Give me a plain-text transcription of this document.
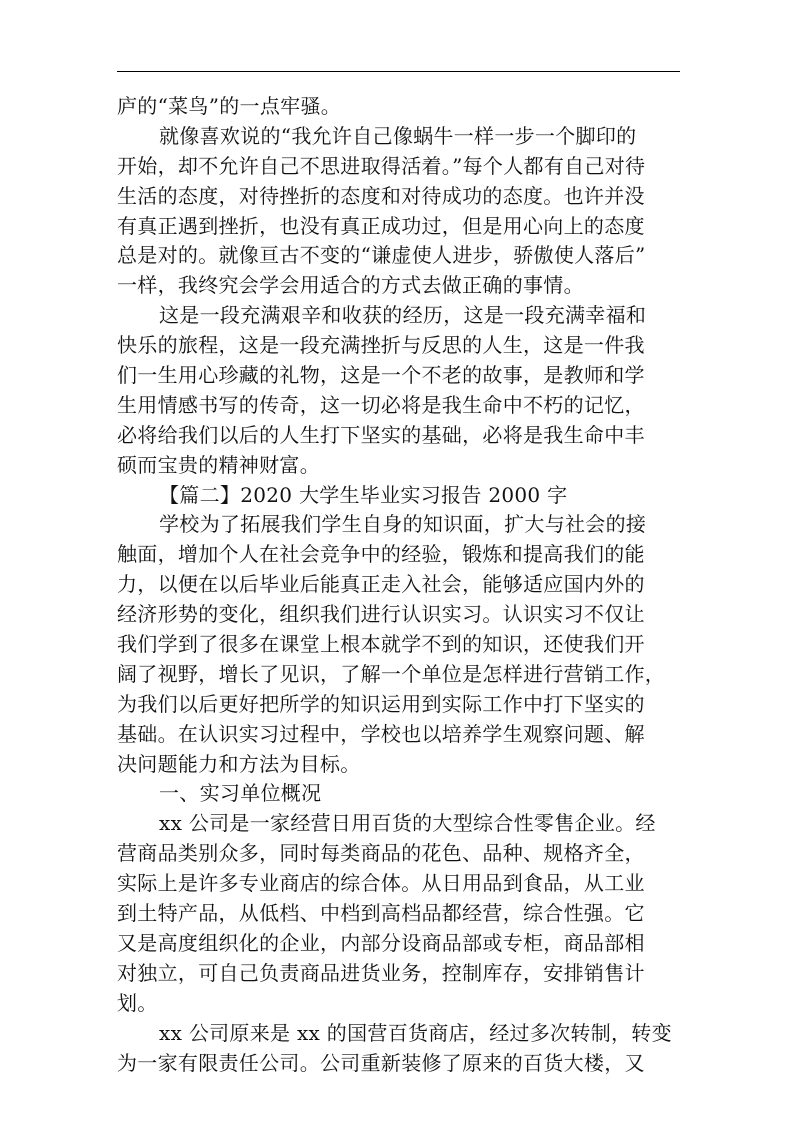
庐的“菜鸟”的一点牢骚。
就像喜欢说的“我允许自己像蜗牛一样一步一个脚印的
开始，却不允许自己不思进取得活着。”每个人都有自己对待
生活的态度，对待挫折的态度和对待成功的态度。也许并没
有真正遇到挫折，也没有真正成功过，但是用心向上的态度
总是对的。就像亘古不变的“谦虚使人进步，骄傲使人落后”
一样，我终究会学会用适合的方式去做正确的事情。
这是一段充满艰辛和收获的经历，这是一段充满幸福和
快乐的旅程，这是一段充满挫折与反思的人生，这是一件我
们一生用心珍藏的礼物，这是一个不老的故事，是教师和学
生用情感书写的传奇，这一切必将是我生命中不朽的记忆，
必将给我们以后的人生打下坚实的基础，必将是我生命中丰
硕而宝贵的精神财富。
【篇二】2020 大学生毕业实习报告 2000 字
学校为了拓展我们学生自身的知识面，扩大与社会的接
触面，增加个人在社会竞争中的经验，锻炼和提高我们的能
力，以便在以后毕业后能真正走入社会，能够适应国内外的
经济形势的变化，组织我们进行认识实习。认识实习不仅让
我们学到了很多在课堂上根本就学不到的知识，还使我们开
阔了视野，增长了见识，了解一个单位是怎样进行营销工作，
为我们以后更好把所学的知识运用到实际工作中打下坚实的
基础。在认识实习过程中，学校也以培养学生观察问题、解
决问题能力和方法为目标。
一、实习单位概况
xx 公司是一家经营日用百货的大型综合性零售企业。经
营商品类别众多，同时每类商品的花色、品种、规格齐全，
实际上是许多专业商店的综合体。从日用品到食品，从工业
到土特产品，从低档、中档到高档品都经营，综合性强。它
又是高度组织化的企业，内部分设商品部或专柜，商品部相
对独立，可自己负责商品进货业务，控制库存，安排销售计
划。
xx 公司原来是 xx 的国营百货商店，经过多次转制，转变
为一家有限责任公司。公司重新装修了原来的百货大楼，又
